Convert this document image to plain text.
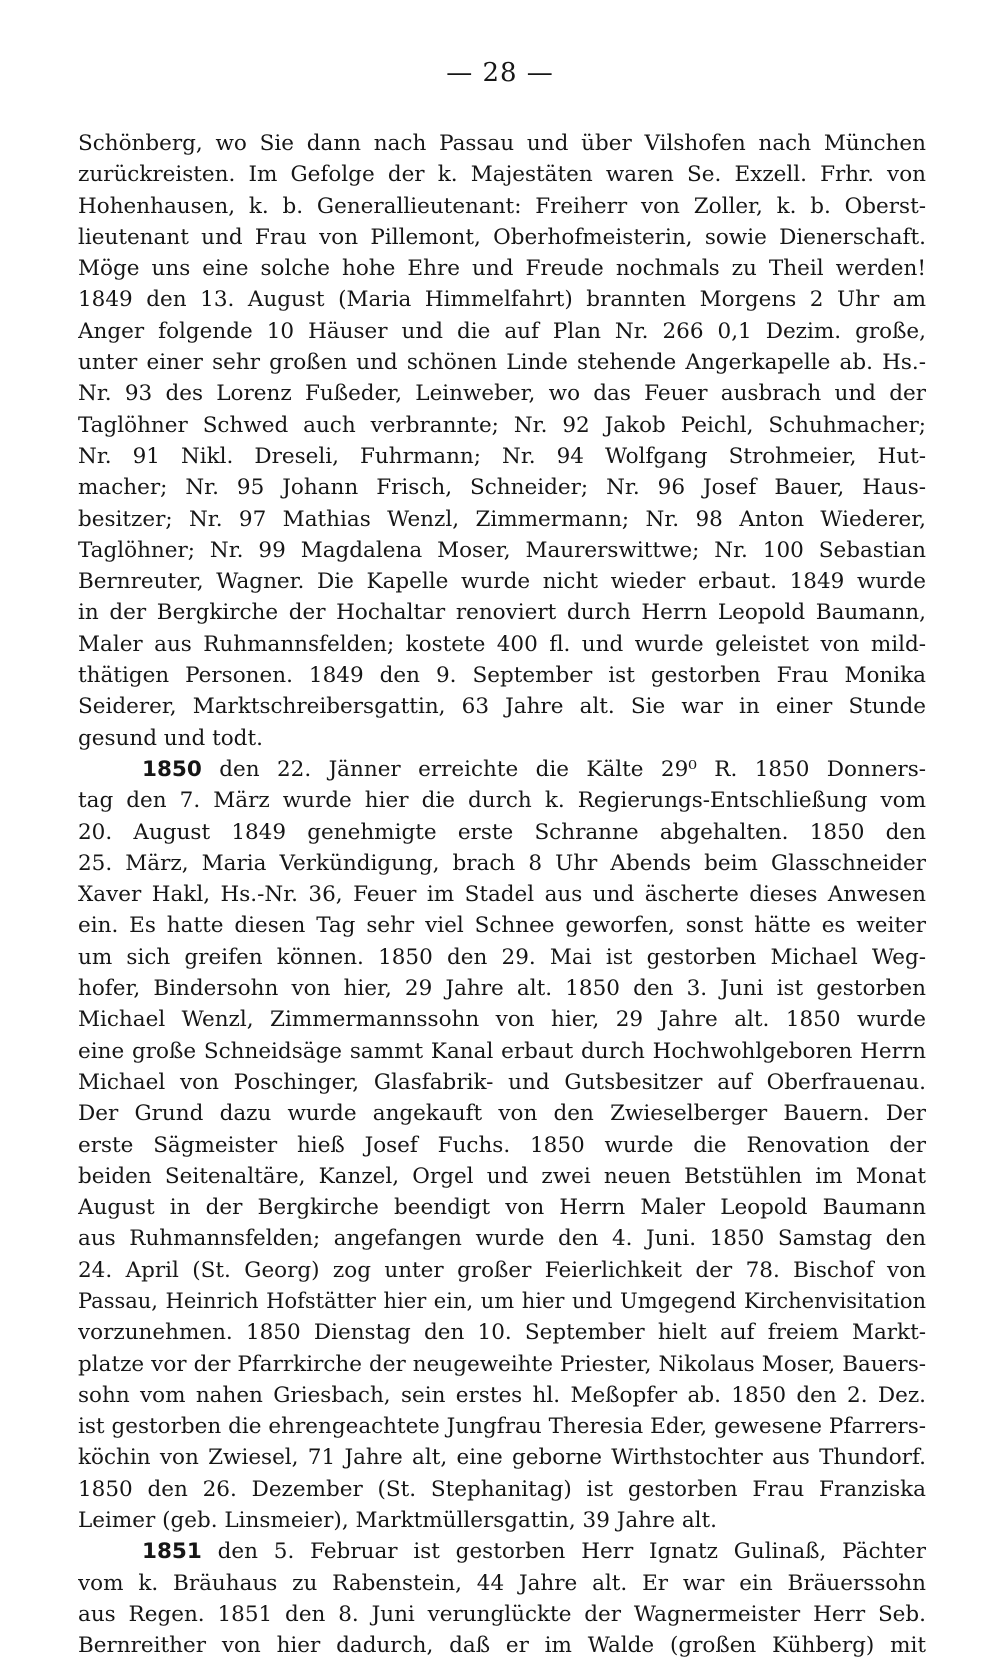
— 28 —
Schönberg, wo Sie dann nach Passau und über Vilshofen nach München
zurückreisten. Im Gefolge der k. Majestäten waren Se. Exzell. Frhr. von
Hohenhausen, k. b. Generallieutenant: Freiherr von Zoller, k. b. Oberst-
lieutenant und Frau von Pillemont, Oberhofmeisterin, sowie Dienerschaft.
Möge uns eine solche hohe Ehre und Freude nochmals zu Theil werden!
1849 den 13. August (Maria Himmelfahrt) brannten Morgens 2 Uhr am
Anger folgende 10 Häuser und die auf Plan Nr. 266 0,1 Dezim. große,
unter einer sehr großen und schönen Linde stehende Angerkapelle ab. Hs.-
Nr. 93 des Lorenz Fußeder, Leinweber, wo das Feuer ausbrach und der
Taglöhner Schwed auch verbrannte; Nr. 92 Jakob Peichl, Schuhmacher;
Nr. 91 Nikl. Dreseli, Fuhrmann; Nr. 94 Wolfgang Strohmeier, Hut-
macher; Nr. 95 Johann Frisch, Schneider; Nr. 96 Josef Bauer, Haus-
besitzer; Nr. 97 Mathias Wenzl, Zimmermann; Nr. 98 Anton Wiederer,
Taglöhner; Nr. 99 Magdalena Moser, Maurerswittwe; Nr. 100 Sebastian
Bernreuter, Wagner. Die Kapelle wurde nicht wieder erbaut. 1849 wurde
in der Bergkirche der Hochaltar renoviert durch Herrn Leopold Baumann,
Maler aus Ruhmannsfelden; kostete 400 fl. und wurde geleistet von mild-
thätigen Personen. 1849 den 9. September ist gestorben Frau Monika
Seiderer, Marktschreibersgattin, 63 Jahre alt. Sie war in einer Stunde
gesund und todt.
1850 den 22. Jänner erreichte die Kälte 29⁰ R. 1850 Donners-
tag den 7. März wurde hier die durch k. Regierungs-Entschließung vom
20. August 1849 genehmigte erste Schranne abgehalten. 1850 den
25. März, Maria Verkündigung, brach 8 Uhr Abends beim Glasschneider
Xaver Hakl, Hs.-Nr. 36, Feuer im Stadel aus und äscherte dieses Anwesen
ein. Es hatte diesen Tag sehr viel Schnee geworfen, sonst hätte es weiter
um sich greifen können. 1850 den 29. Mai ist gestorben Michael Weg-
hofer, Bindersohn von hier, 29 Jahre alt. 1850 den 3. Juni ist gestorben
Michael Wenzl, Zimmermannssohn von hier, 29 Jahre alt. 1850 wurde
eine große Schneidsäge sammt Kanal erbaut durch Hochwohlgeboren Herrn
Michael von Poschinger, Glasfabrik- und Gutsbesitzer auf Oberfrauenau.
Der Grund dazu wurde angekauft von den Zwieselberger Bauern. Der
erste Sägmeister hieß Josef Fuchs. 1850 wurde die Renovation der
beiden Seitenaltäre, Kanzel, Orgel und zwei neuen Betstühlen im Monat
August in der Bergkirche beendigt von Herrn Maler Leopold Baumann
aus Ruhmannsfelden; angefangen wurde den 4. Juni. 1850 Samstag den
24. April (St. Georg) zog unter großer Feierlichkeit der 78. Bischof von
Passau, Heinrich Hofstätter hier ein, um hier und Umgegend Kirchenvisitation
vorzunehmen. 1850 Dienstag den 10. September hielt auf freiem Markt-
platze vor der Pfarrkirche der neugeweihte Priester, Nikolaus Moser, Bauers-
sohn vom nahen Griesbach, sein erstes hl. Meßopfer ab. 1850 den 2. Dez.
ist gestorben die ehrengeachtete Jungfrau Theresia Eder, gewesene Pfarrers-
köchin von Zwiesel, 71 Jahre alt, eine geborne Wirthstochter aus Thundorf.
1850 den 26. Dezember (St. Stephanitag) ist gestorben Frau Franziska
Leimer (geb. Linsmeier), Marktmüllersgattin, 39 Jahre alt.
1851 den 5. Februar ist gestorben Herr Ignatz Gulinaß, Pächter
vom k. Bräuhaus zu Rabenstein, 44 Jahre alt. Er war ein Bräuerssohn
aus Regen. 1851 den 8. Juni verunglückte der Wagnermeister Herr Seb.
Bernreither von hier dadurch, daß er im Walde (großen Kühberg) mit
